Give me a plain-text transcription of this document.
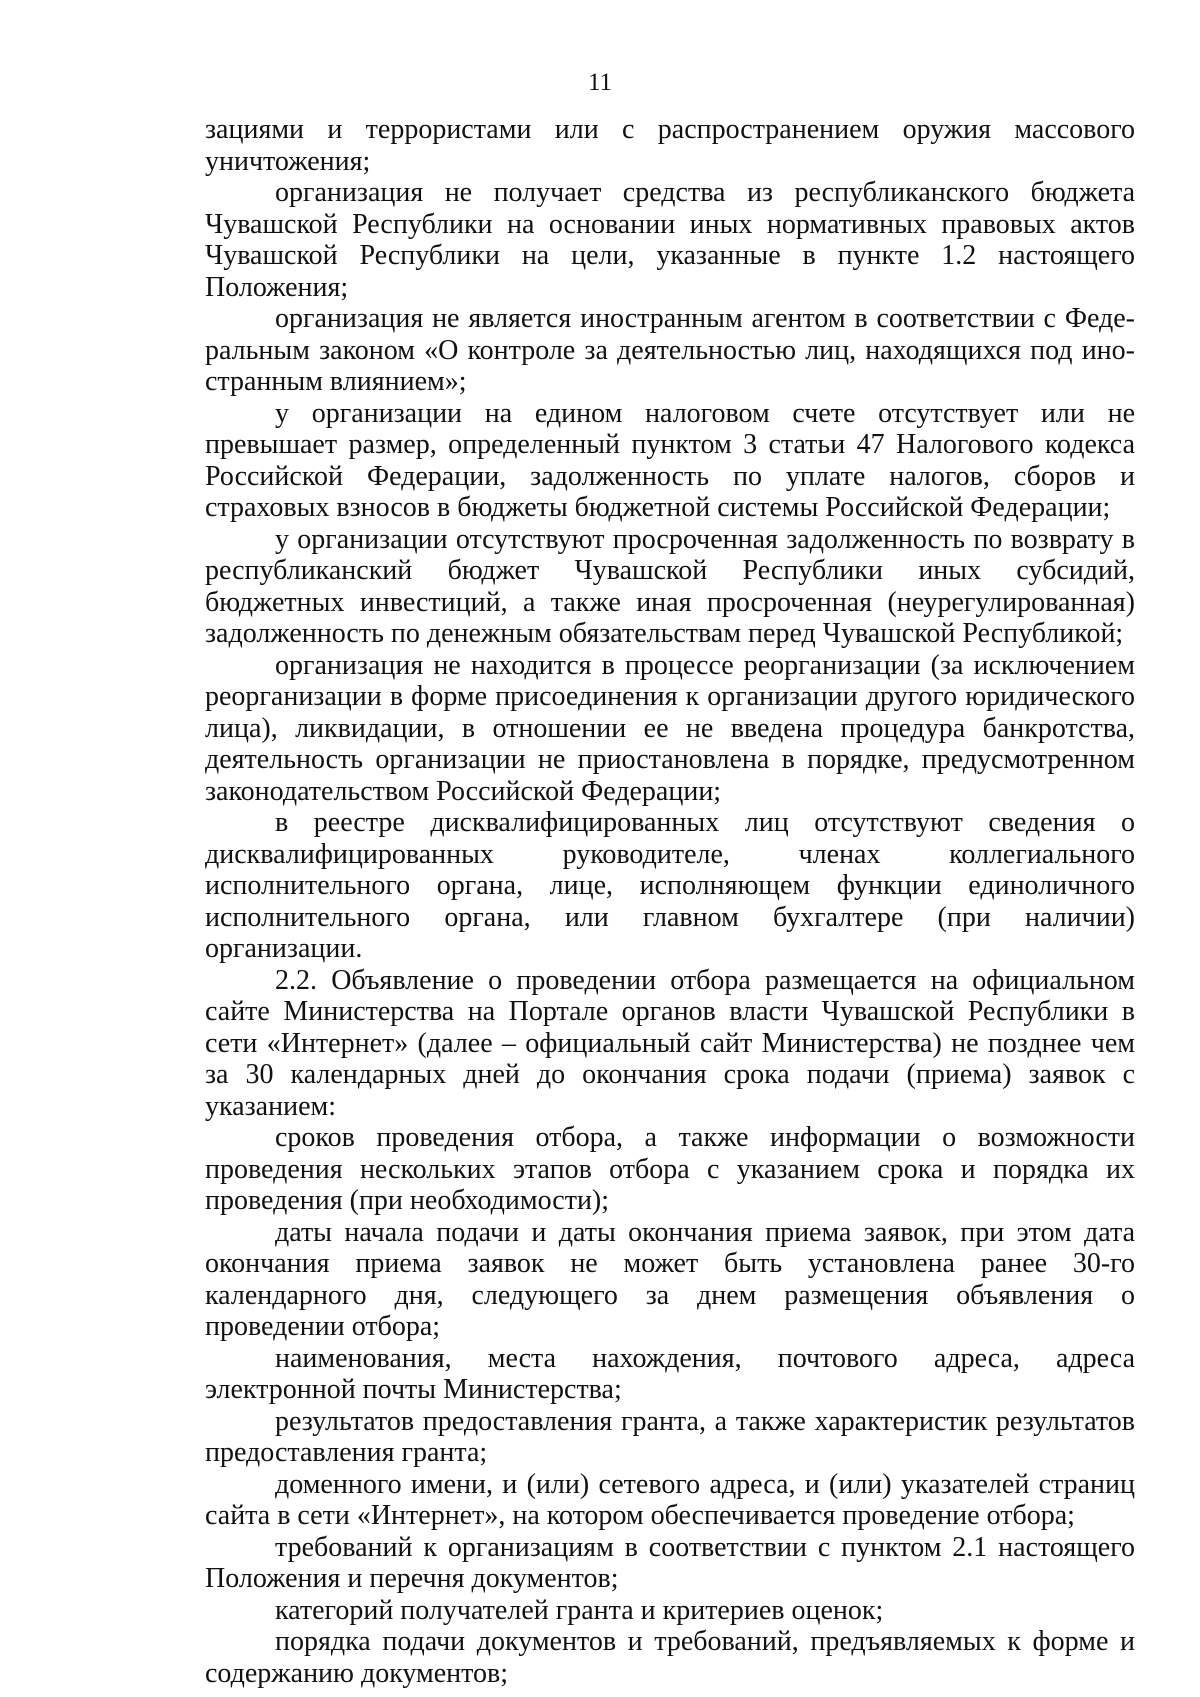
11

зациями и террористами или с распространением оружия массового уничтожения;

организация не получает средства из республиканского бюджета Чувашской Республики на основании иных нормативных правовых актов Чувашской Республики на цели, указанные в пункте 1.2 настоящего Положения;

организация не является иностранным агентом в соответствии с Федеральным законом «О контроле за деятельностью лиц, находящихся под иностранным влиянием»;

у организации на едином налоговом счете отсутствует или не превышает размер, определенный пунктом 3 статьи 47 Налогового кодекса Российской Федерации, задолженность по уплате налогов, сборов и страховых взносов в бюджеты бюджетной системы Российской Федерации;

у организации отсутствуют просроченная задолженность по возврату в республиканский бюджет Чувашской Республики иных субсидий, бюджетных инвестиций, а также иная просроченная (неурегулированная) задолженность по денежным обязательствам перед Чувашской Республикой;

организация не находится в процессе реорганизации (за исключением реорганизации в форме присоединения к организации другого юридического лица), ликвидации, в отношении ее не введена процедура банкротства, деятельность организации не приостановлена в порядке, предусмотренном законодательством Российской Федерации;

в реестре дисквалифицированных лиц отсутствуют сведения о дисквалифицированных руководителе, членах коллегиального исполнительного органа, лице, исполняющем функции единоличного исполнительного органа, или главном бухгалтере (при наличии) организации.

2.2. Объявление о проведении отбора размещается на официальном сайте Министерства на Портале органов власти Чувашской Республики в сети «Интернет» (далее – официальный сайт Министерства) не позднее чем за 30 календарных дней до окончания срока подачи (приема) заявок с указанием:

сроков проведения отбора, а также информации о возможности проведения нескольких этапов отбора с указанием срока и порядка их проведения (при необходимости);

даты начала подачи и даты окончания приема заявок, при этом дата окончания приема заявок не может быть установлена ранее 30-го календарного дня, следующего за днем размещения объявления о проведении отбора;

наименования, места нахождения, почтового адреса, адреса электронной почты Министерства;

результатов предоставления гранта, а также характеристик результатов предоставления гранта;

доменного имени, и (или) сетевого адреса, и (или) указателей страниц сайта в сети «Интернет», на котором обеспечивается проведение отбора;

требований к организациям в соответствии с пунктом 2.1 настоящего Положения и перечня документов;

категорий получателей гранта и критериев оценок;

порядка подачи документов и требований, предъявляемых к форме и содержанию документов;
